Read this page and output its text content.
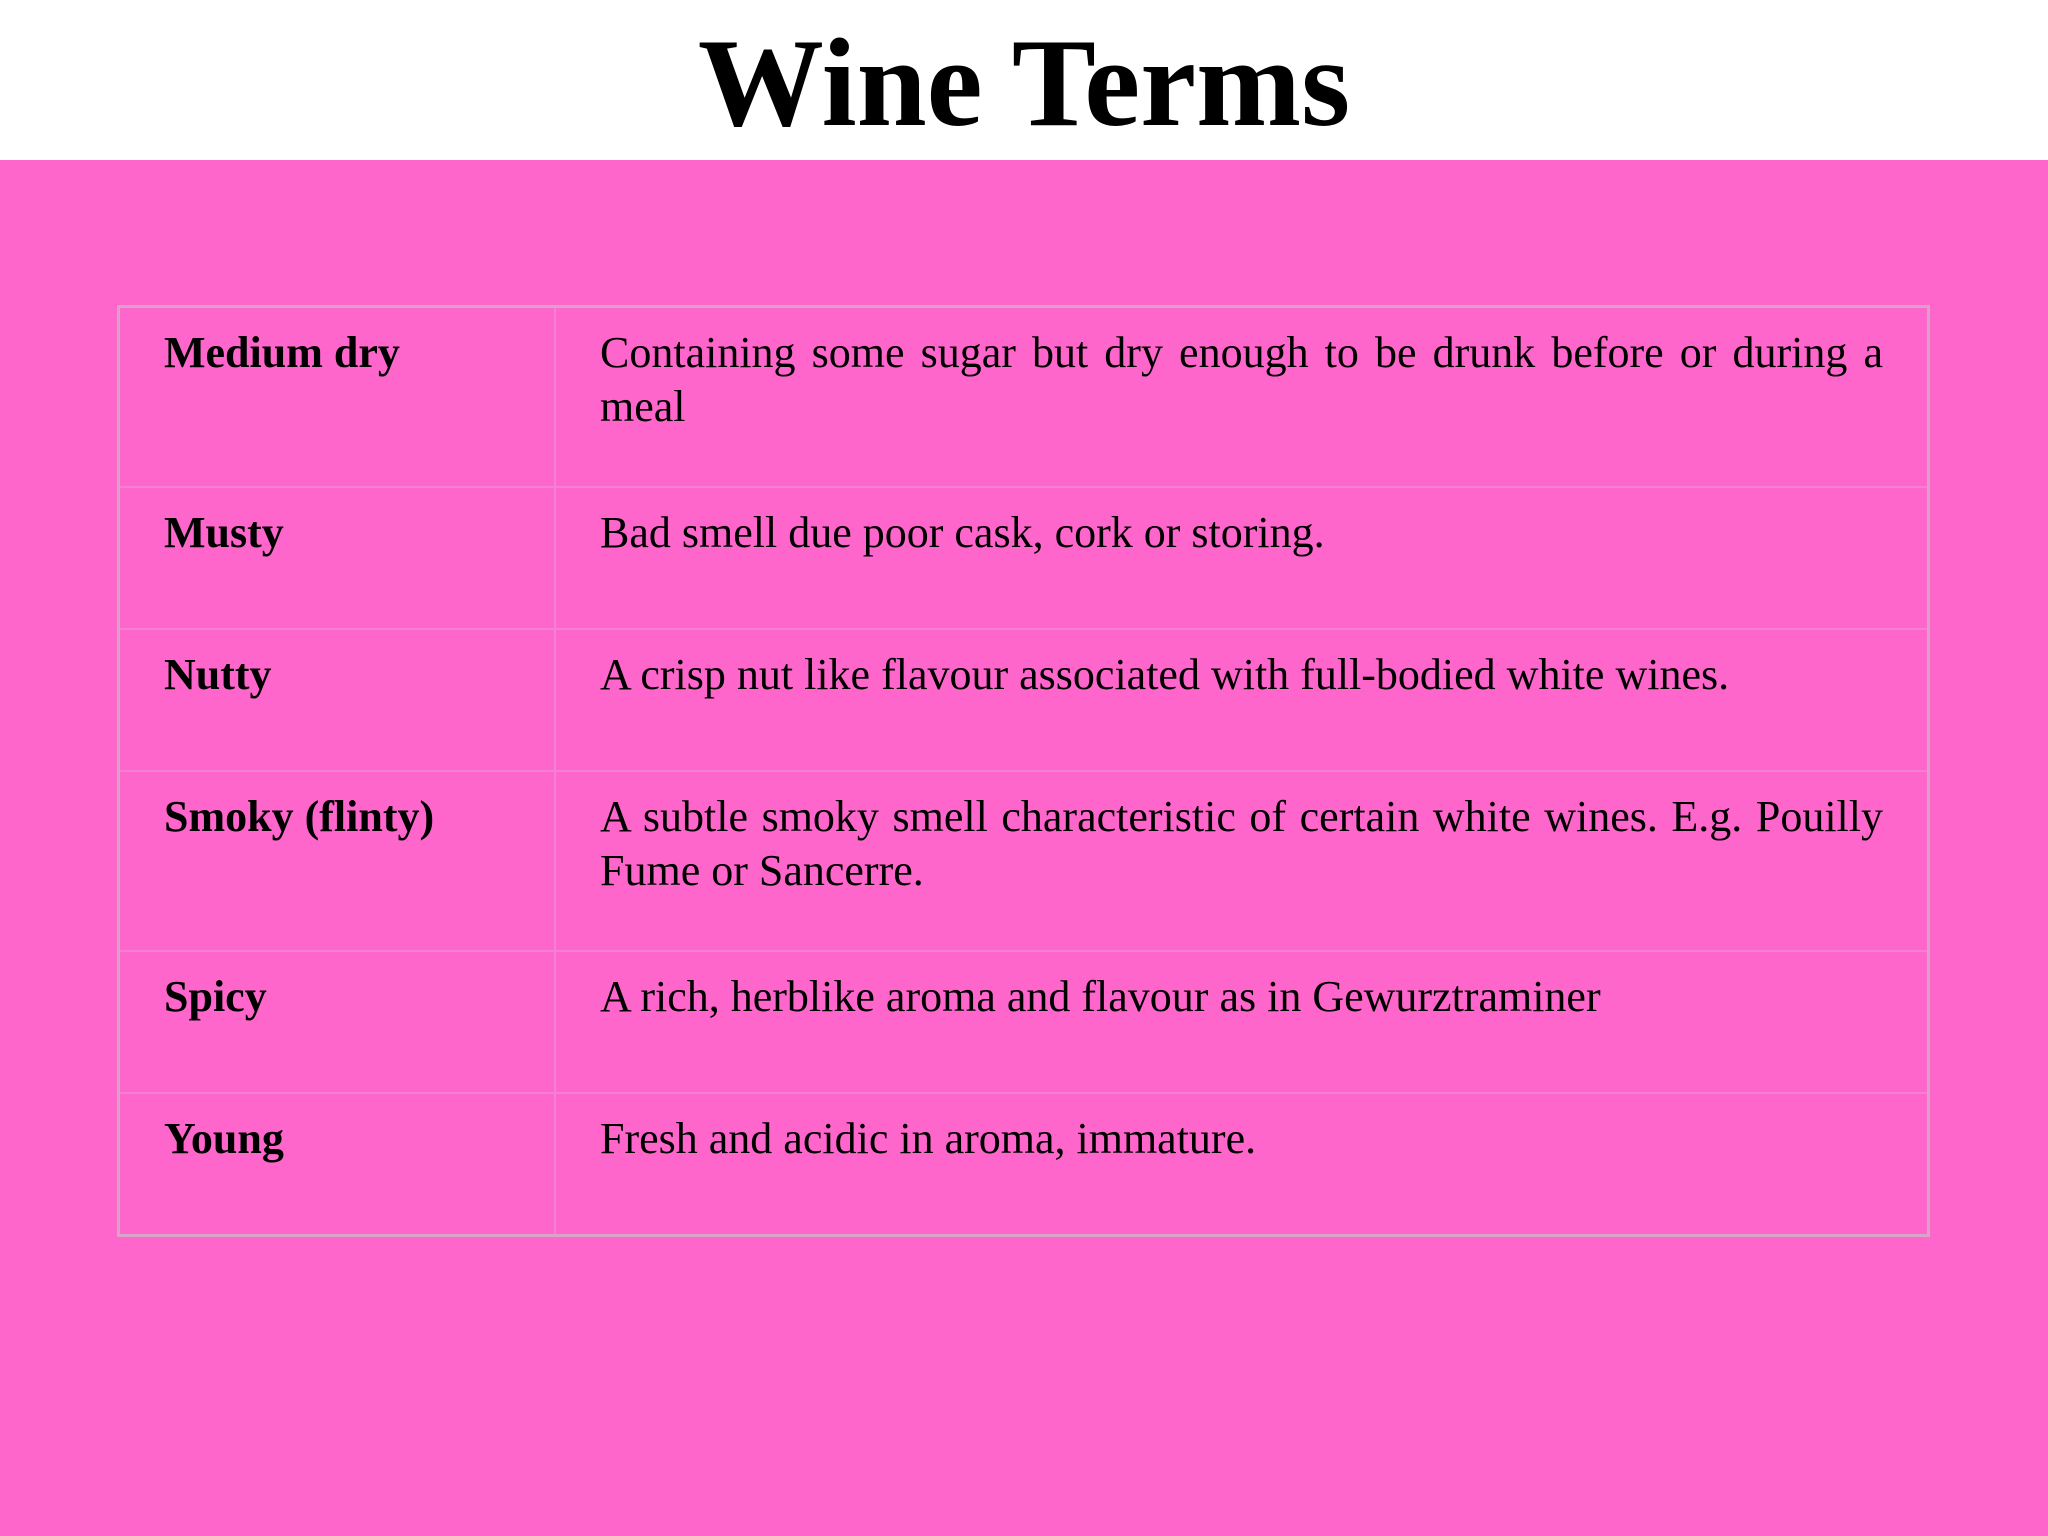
Wine Terms
Medium dry	Containing some sugar but dry enough to be drunk before or during a meal
Musty	Bad smell due poor cask, cork or storing.
Nutty	A crisp nut like flavour associated with full-bodied white wines.
Smoky (flinty)	A subtle smoky smell characteristic of certain white wines. E.g. Pouilly Fume or Sancerre.
Spicy	A rich, herblike aroma and flavour as in Gewurztraminer
Young	Fresh and acidic in aroma, immature.
